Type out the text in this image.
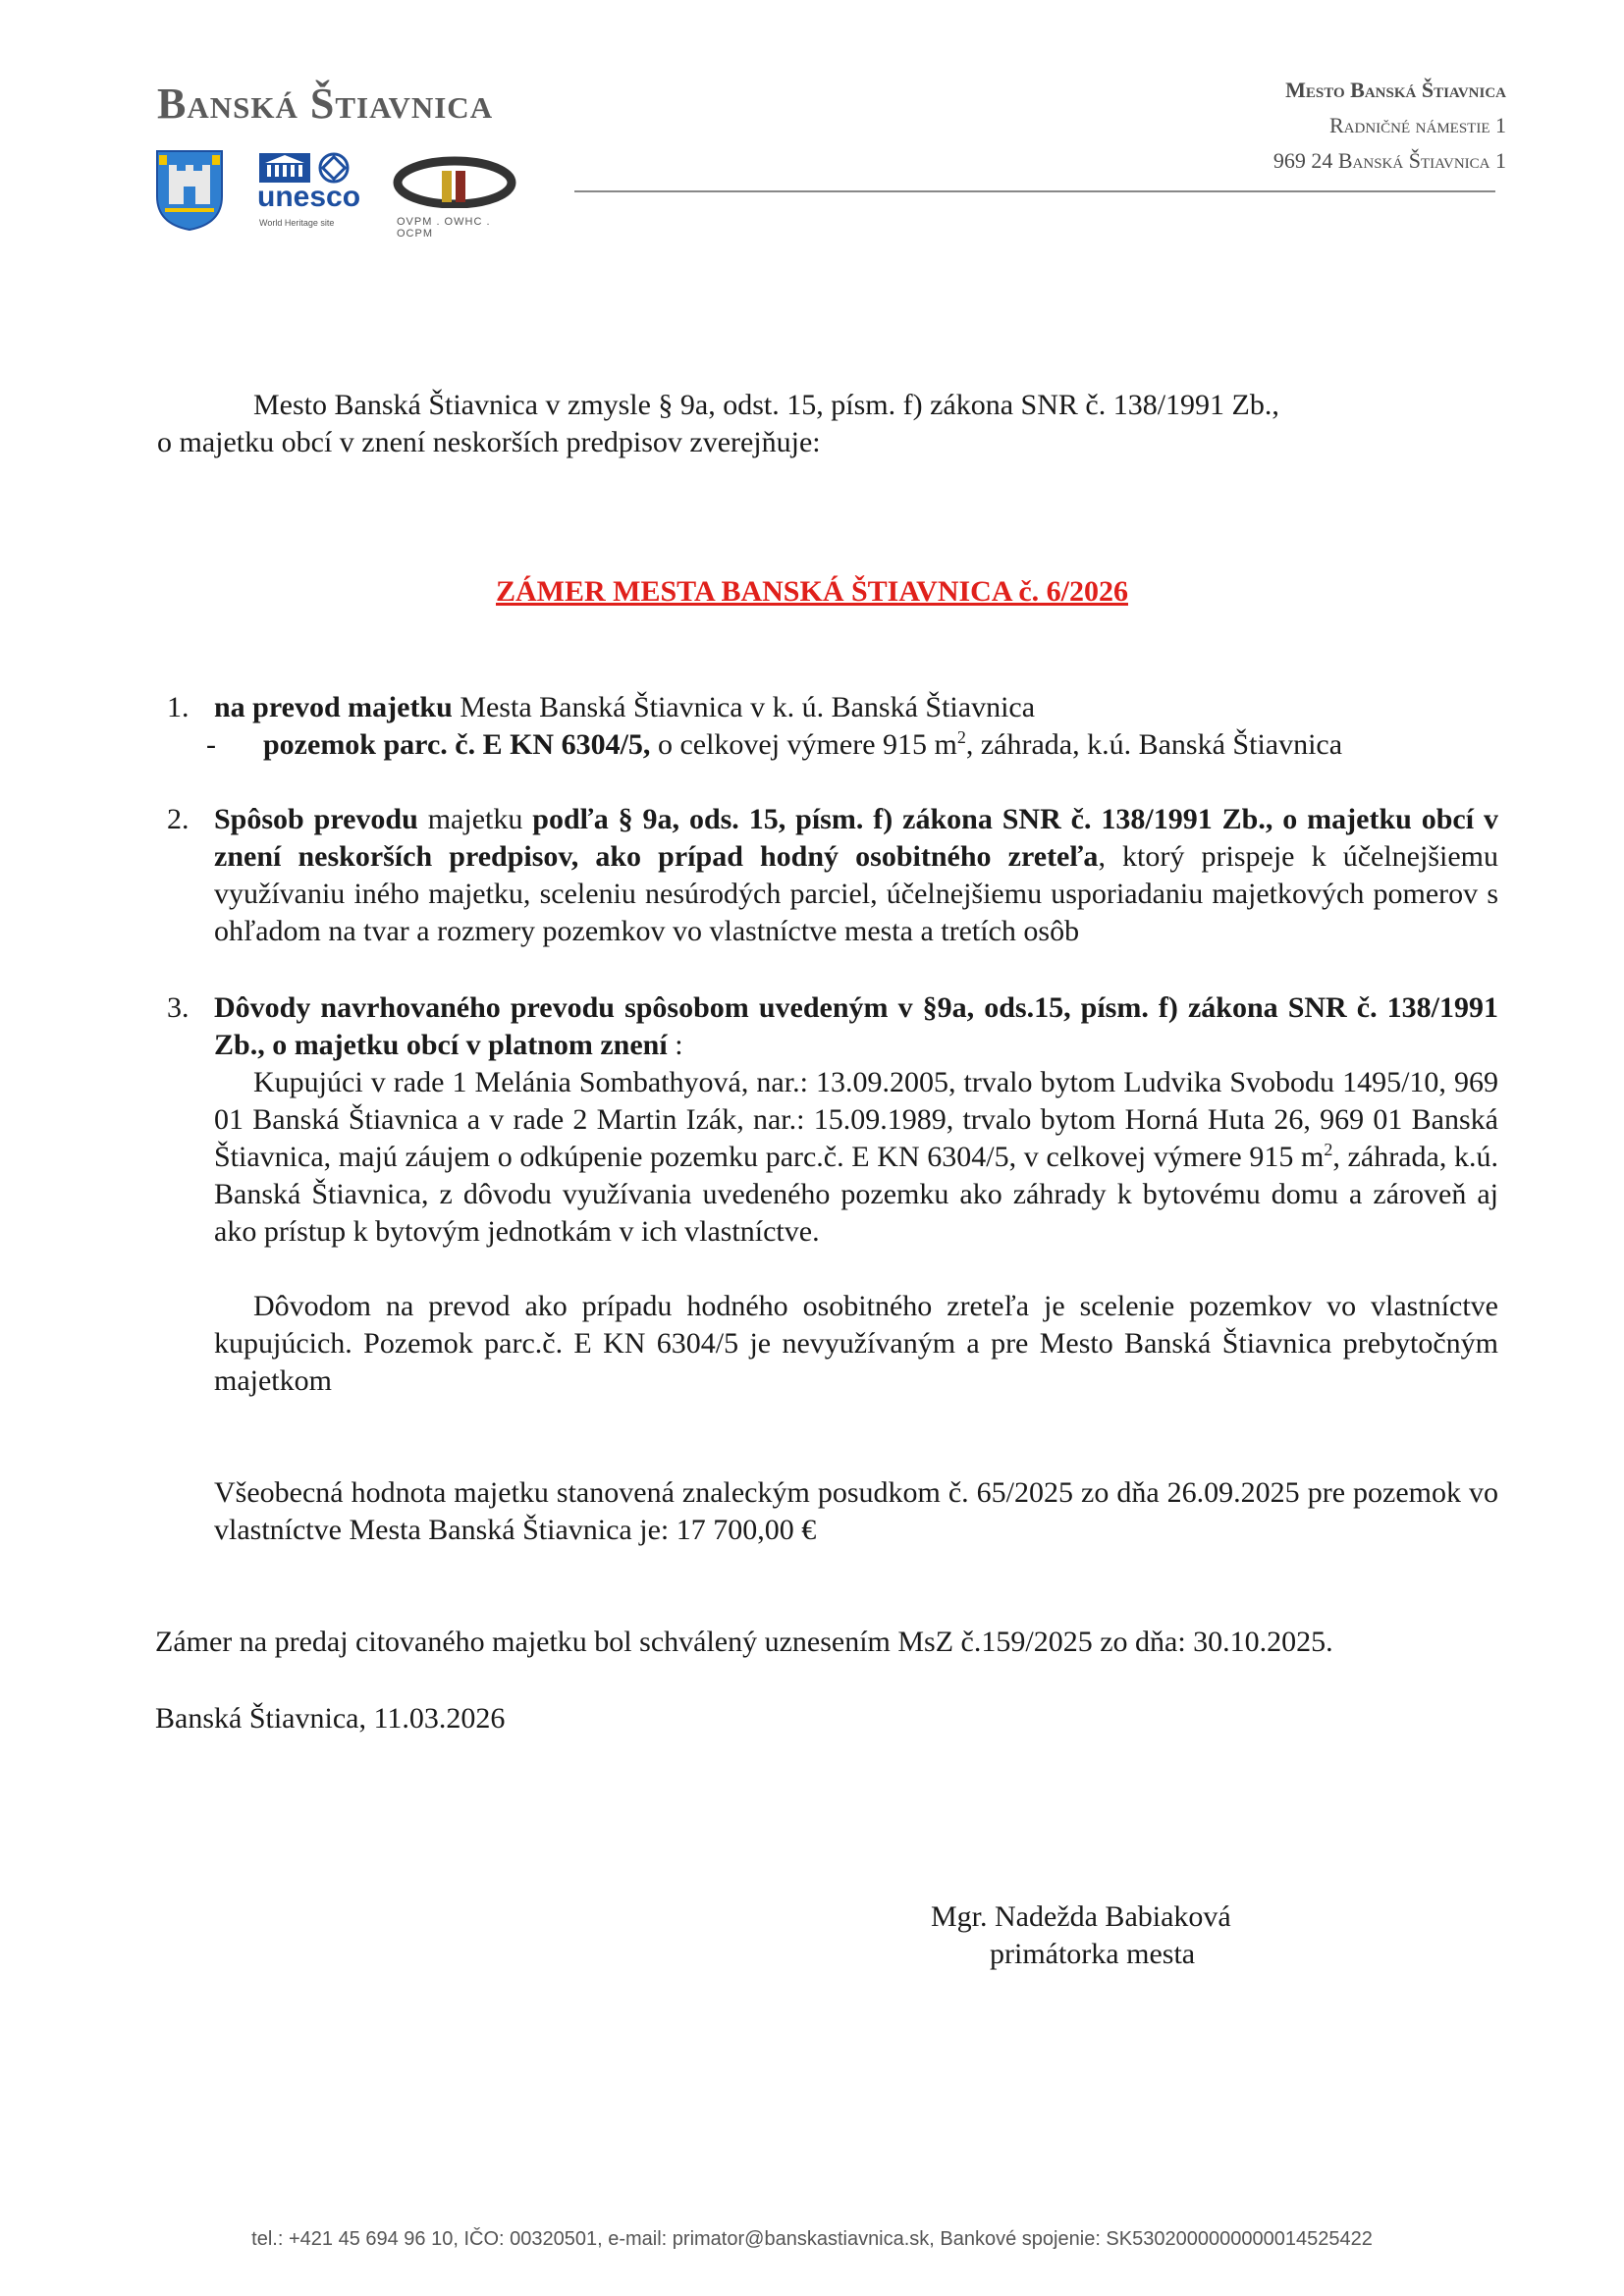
Banská Štiavnica
unesco
World Heritage site	OVPM . OWHC . OCPM
Mesto Banská Štiavnica
Radničné námestie 1
969 24 Banská Štiavnica 1
Mesto Banská Štiavnica v zmysle § 9a, odst. 15, písm. f) zákona SNR č. 138/1991 Zb.,
o majetku obcí v znení neskorších predpisov zverejňuje:
ZÁMER MESTA BANSKÁ ŠTIAVNICA č. 6/2026
1. na prevod majetku Mesta Banská Štiavnica v k. ú. Banská Štiavnica
- pozemok parc. č. E KN 6304/5, o celkovej výmere 915 $m^2$, záhrada, k.ú. Banská Štiavnica
2. Spôsob prevodu majetku podľa § 9a, ods. 15, písm. f) zákona SNR č. 138/1991 Zb., o majetku obcí v znení neskorších predpisov, ako prípad hodný osobitného zreteľa, ktorý prispeje k účelnejšiemu využívaniu iného majetku, sceleniu nesúrodých parciel, účelnejšiemu usporiadaniu majetkových pomerov s ohľadom na tvar a rozmery pozemkov vo vlastníctve mesta a tretích osôb
3. Dôvody navrhovaného prevodu spôsobom uvedeným v §9a, ods.15, písm. f) zákona SNR č. 138/1991 Zb., o majetku obcí v platnom znení :
Kupujúci v rade 1 Melánia Sombathyová, nar.: 13.09.2005, trvalo bytom Ludvika Svobodu 1495/10, 969 01 Banská Štiavnica a v rade 2 Martin Izák, nar.: 15.09.1989, trvalo bytom Horná Huta 26, 969 01 Banská Štiavnica, majú záujem o odkúpenie pozemku parc.č. E KN 6304/5, v celkovej výmere 915 $m^2$, záhrada, k.ú. Banská Štiavnica, z dôvodu využívania uvedeného pozemku ako záhrady k bytovému domu a zároveň aj ako prístup k bytovým jednotkám v ich vlastníctve.
Dôvodom na prevod ako prípadu hodného osobitného zreteľa je scelenie pozemkov vo vlastníctve kupujúcich. Pozemok parc.č. E KN 6304/5 je nevyužívaným a pre Mesto Banská Štiavnica prebytočným majetkom
Všeobecná hodnota majetku stanovená znaleckým posudkom č. 65/2025 zo dňa 26.09.2025 pre pozemok vo vlastníctve Mesta Banská Štiavnica je: 17 700,00 €
Zámer na predaj citovaného majetku bol schválený uznesením MsZ č.159/2025 zo dňa: 30.10.2025.
Banská Štiavnica, 11.03.2026
Mgr. Nadežda Babiaková
primátorka mesta
tel.: +421 45 694 96 10, IČO: 00320501, e-mail: primator@banskastiavnica.sk, Bankové spojenie: SK5302000000000014525422
